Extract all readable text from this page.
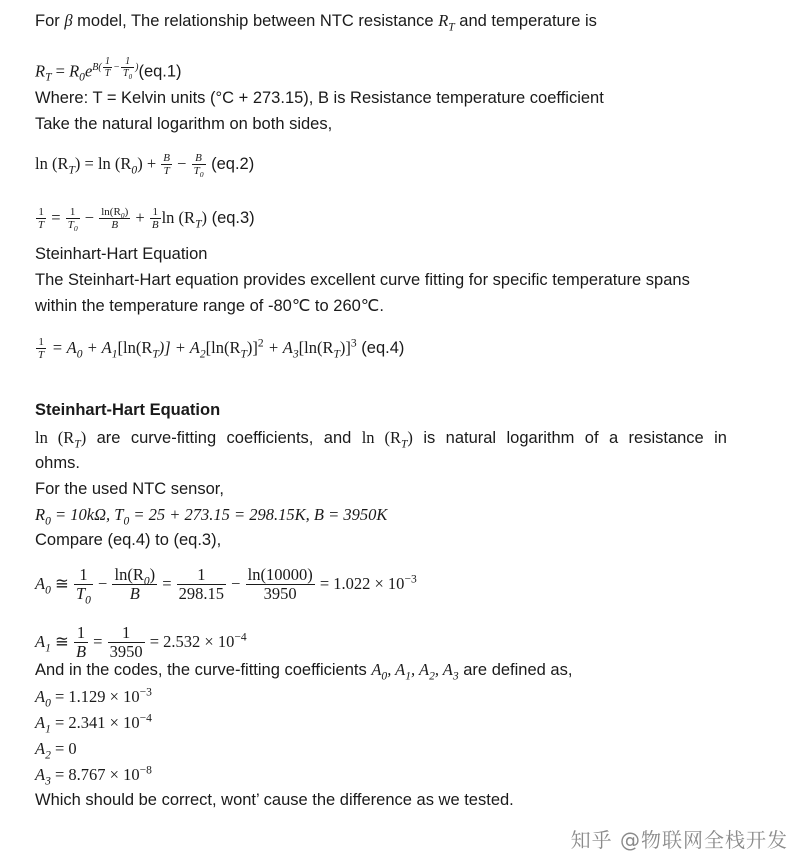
For β model, The relationship between NTC resistance $R_T$ and temperature is
$R_T = R_0e^{B( \frac{1}{T} - \frac{1}{T_0} )}(eq.1)$
Where: T = Kelvin units (°C + 273.15), B is Resistance temperature coefficient
Take the natural logarithm on both sides,
$\ln (R_T) = \ln (R_0) + \frac{B}{T} - \frac{B}{T_0} (eq.2)$
$\frac{1}{T} = \frac{1}{T_0} - \frac{\ln(R_0)}{B} + \frac{1}{B}$ $\ln (R_T)$ (eq.3)
Steinhart-Hart Equation
The Steinhart-Hart equation provides excellent curve fitting for specific temperature spans
within the temperature range of -80℃ to 260℃.
$\frac{1}{T} = A_0 + A_1[\ln(R_T)] + A_2[\ln(R_T)]^2 + A_3[\ln(R_T)]^3$ (eq.4)
Steinhart-Hart Equation
$\ln (R_T)$ are curve-fitting coefficients, and $\ln (R_T)$ is natural logarithm of a resistance in
ohms.
For the used NTC sensor,
$R_0 = 10k\Omega$, $T_0 = 25 + 273.15 = 298.15K$, B = 3950K
Compare (eq.4) to (eq.3),
$A_0$ ≅ $\frac{1}{T_0} - \frac{\ln(R_0)}{B} = \frac{1}{298.15} - \frac{\ln(10000)}{3950} = 1.022 \times 10^{-3}$
$A_1$ ≅ $\frac{1}{B} = \frac{1}{3950} = 2.532 \times 10^{-4}$
And in the codes, the curve-fitting coefficients $A_0$, $A_1$, $A_2$, $A_3$ are defined as,
$A_0 = 1.129 \times 10^{-3}$
$A_1 = 2.341 \times 10^{-4}$
$A_2 = 0$
$A_3 = 8.767 \times 10^{-8}$
Which should be correct, wont’ cause the difference as we tested.
知乎 @物联网全栈开发
